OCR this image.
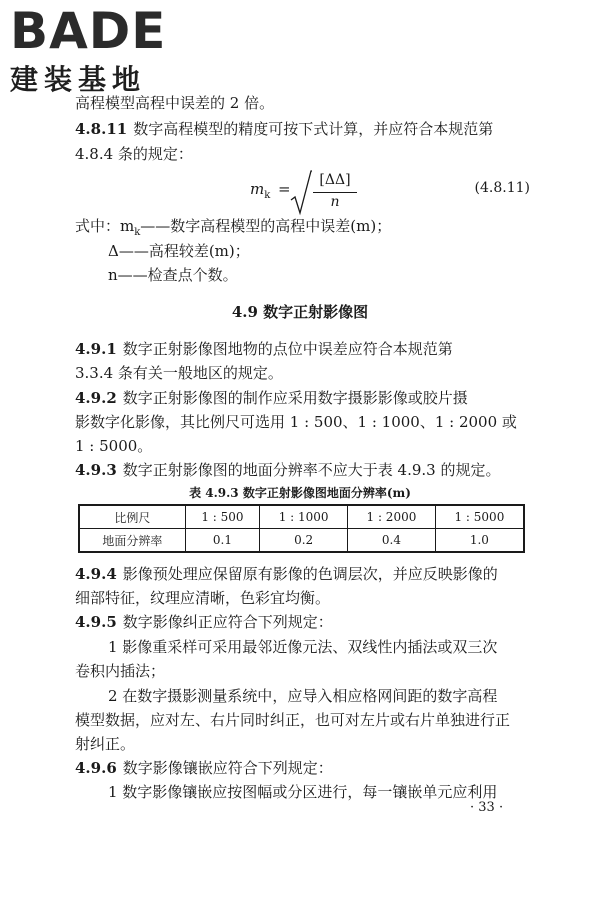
BADE
建装基地
高程模型高程中误差的 2 倍。
4.8.11 数字高程模型的精度可按下式计算，并应符合本规范第
4.8.4 条的规定：
$m_k$ =	[ΔΔ]
n
(4.8.11)
式中：$m_k——$数字高程模型的高程中误差(m)；
Δ——高程较差(m)；
n——检查点个数。
4.9 数字正射影像图
4.9.1 数字正射影像图地物的点位中误差应符合本规范第
3.3.4 条有关一般地区的规定。
4.9.2 数字正射影像图的制作应采用数字摄影影像或胶片摄
影数字化影像，其比例尺可选用 1 : 500、1 : 1000、1 : 2000 或
1 : 5000。
4.9.3 数字正射影像图的地面分辨率不应大于表 4.9.3 的规定。
表 4.9.3 数字正射影像图地面分辨率(m)
比例尺	1 : 500	1 : 1000	1 : 2000	1 : 5000
地面分辨率	0.1	0.2	0.4	1.0
4.9.4 影像预处理应保留原有影像的色调层次，并应反映影像的
细部特征，纹理应清晰，色彩宜均衡。
4.9.5 数字影像纠正应符合下列规定：
1 影像重采样可采用最邻近像元法、双线性内插法或双三次
卷积内插法；
2 在数字摄影测量系统中，应导入相应格网间距的数字高程
模型数据，应对左、右片同时纠正，也可对左片或右片单独进行正
射纠正。
4.9.6 数字影像镶嵌应符合下列规定：
1 数字影像镶嵌应按图幅或分区进行，每一镶嵌单元应利用
· 33 ·
